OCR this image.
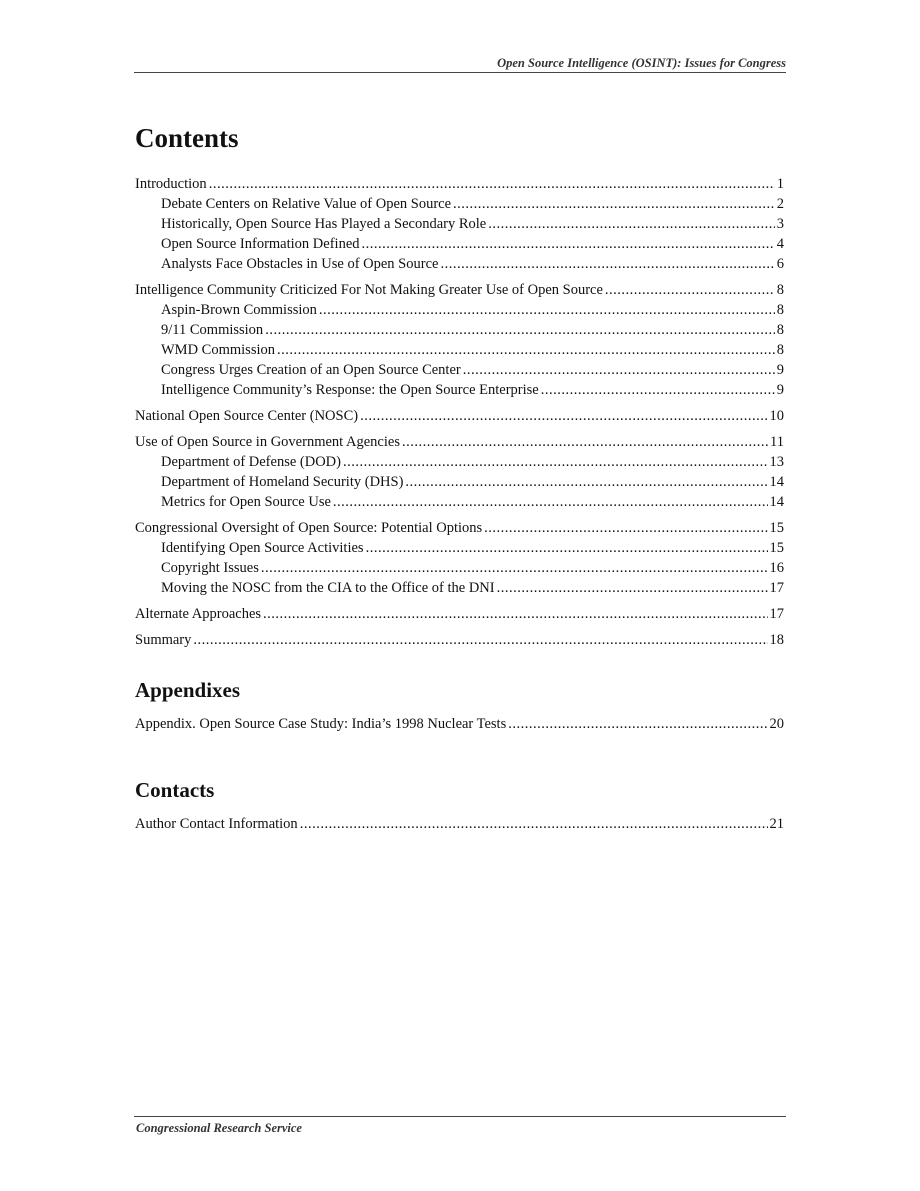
Open Source Intelligence (OSINT): Issues for Congress
Contents
Introduction .....	1
Debate Centers on Relative Value of Open Source .....	2
Historically, Open Source Has Played a Secondary Role .....	3
Open Source Information Defined .....	4
Analysts Face Obstacles in Use of Open Source .....	6
Intelligence Community Criticized For Not Making Greater Use of Open Source .....	8
Aspin-Brown Commission .....	8
9/11 Commission .....	8
WMD Commission .....	8
Congress Urges Creation of an Open Source Center .....	9
Intelligence Community’s Response: the Open Source Enterprise .....	9
National Open Source Center (NOSC) .....	10
Use of Open Source in Government Agencies .....	11
Department of Defense (DOD) .....	13
Department of Homeland Security (DHS) .....	14
Metrics for Open Source Use .....	14
Congressional Oversight of Open Source: Potential Options .....	15
Identifying Open Source Activities .....	15
Copyright Issues .....	16
Moving the NOSC from the CIA to the Office of the DNI .....	17
Alternate Approaches .....	17
Summary .....	18
Appendixes
Appendix. Open Source Case Study: India’s 1998 Nuclear Tests .....	20
Contacts
Author Contact Information .....	21
Congressional Research Service
